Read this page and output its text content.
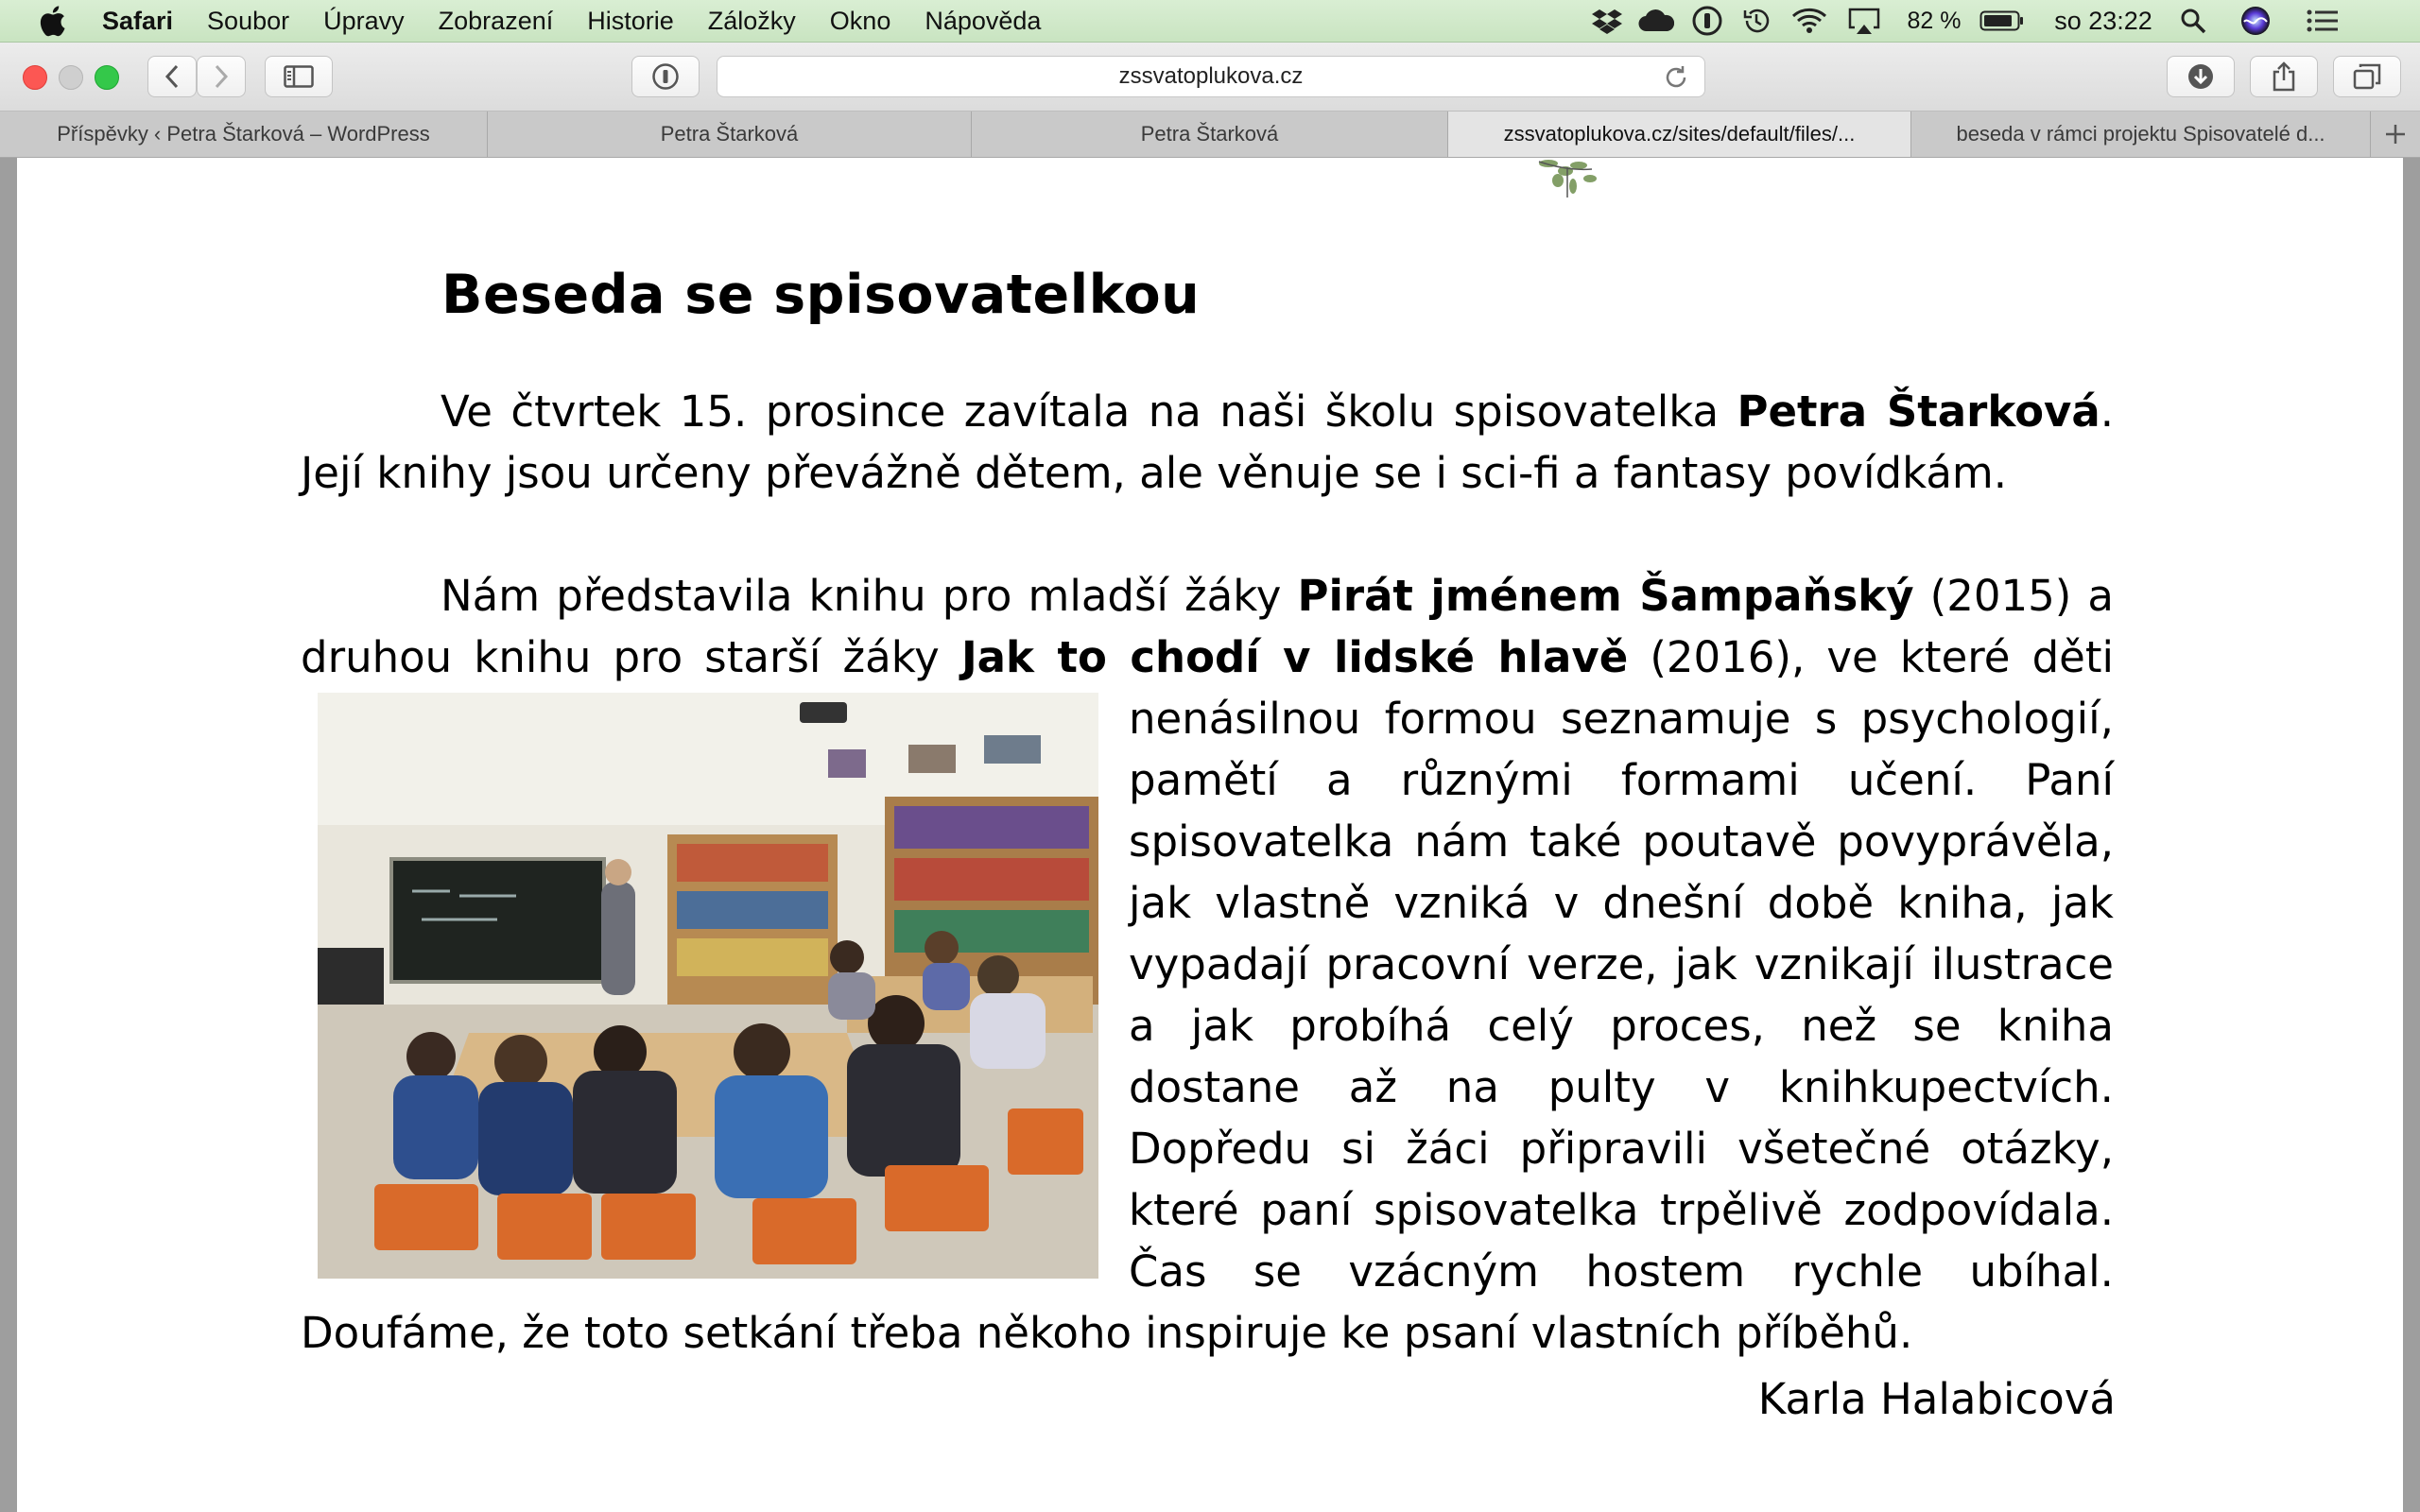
Safari Soubor Úpravy Zobrazení Historie Záložky Okno Nápověda	82 %	so 23:22
zssvatoplukova.cz
Příspěvky ‹ Petra Štarková – WordPress	Petra Štarková	Petra Štarková	zssvatoplukova.cz/sites/default/files/...	beseda v rámci projektu Spisovatelé d...
Beseda se spisovatelkou

Ve čtvrtek 15. prosince zavítala na naši školu spisovatelka Petra Štarková. Její knihy jsou určeny převážně dětem, ale věnuje se i sci-fi a fantasy povídkám.

Nám představila knihu pro mladší žáky Pirát jménem Šampaňský (2015) a druhou knihu pro starší žáky Jak to chodí v lidské hlavě
(2016), ve které děti nenásilnou formou seznamuje s psychologií, pamětí a různými formami učení. Paní spisovatelka nám také poutavě povyprávěla, jak vlastně vzniká v dnešní době kniha, jak vypadají pracovní verze, jak vznikají ilustrace a jak probíhá celý proces, než se kniha dostane až na pulty v knihkupectvích. Dopředu si žáci připravili všetečné otázky, které paní spisovatelka trpělivě zodpovídala. Čas se vzácným hostem rychle ubíhal. Doufáme, že toto setkání třeba někoho inspiruje ke psaní vlastních příběhů.

Karla Halabicová
